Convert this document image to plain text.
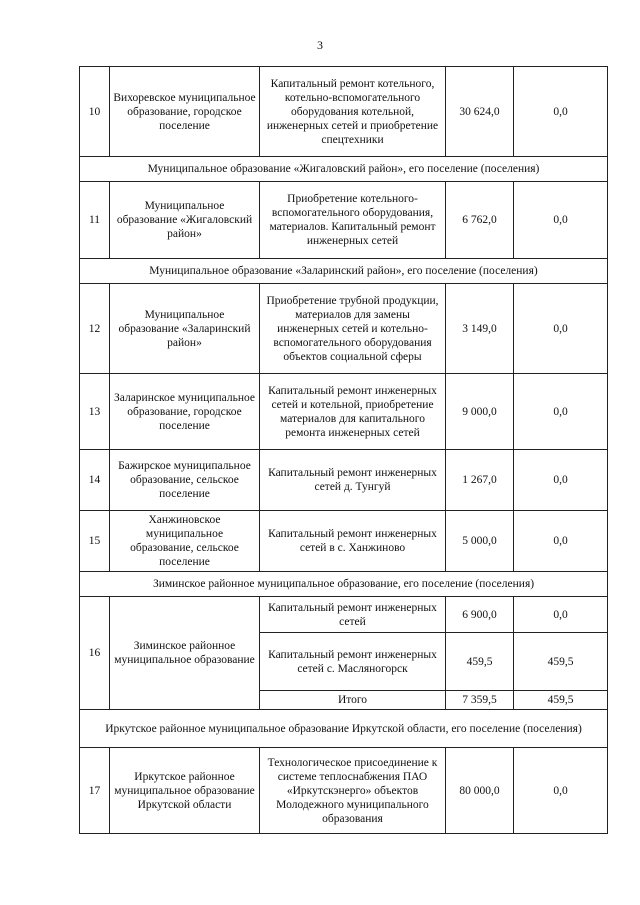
3
10	Вихоревское муниципальное образование, городское поселение	Капитальный ремонт котельного, котельно-вспомогательного оборудования котельной, инженерных сетей и приобретение спецтехники	30 624,0	0,0
Муниципальное образование «Жигаловский район», его поселение (поселения)				
11	Муниципальное образование «Жигаловский район»	Приобретение котельного-вспомогательного оборудования, материалов. Капитальный ремонт инженерных сетей	6 762,0	0,0
Муниципальное образование «Заларинский район», его поселение (поселения)				
12	Муниципальное образование «Заларинский район»	Приобретение трубной продукции, материалов для замены инженерных сетей и котельно-вспомогательного оборудования объектов социальной сферы	3 149,0	0,0
13	Заларинское муниципальное образование, городское поселение	Капитальный ремонт инженерных сетей и котельной, приобретение материалов для капитального ремонта инженерных сетей	9 000,0	0,0
14	Бажирское муниципальное образование, сельское поселение	Капитальный ремонт инженерных сетей д. Тунгуй	1 267,0	0,0
15	Ханжиновское муниципальное образование, сельское поселение	Капитальный ремонт инженерных сетей в с. Ханжиново	5 000,0	0,0
Зиминское районное муниципальное образование, его поселение (поселения)				
16	Зиминское районное муниципальное образование	Капитальный ремонт инженерных сетей	6 900,0	0,0
		Капитальный ремонт инженерных сетей с. Масляногорск	459,5	459,5
		Итого	7 359,5	459,5
Иркутское районное муниципальное образование Иркутской области, его поселение (поселения)				
17	Иркутское районное муниципальное образование Иркутской области	Технологическое присоединение к системе теплоснабжения ПАО «Иркутскэнерго» объектов Молодежного муниципального образования	80 000,0	0,0
